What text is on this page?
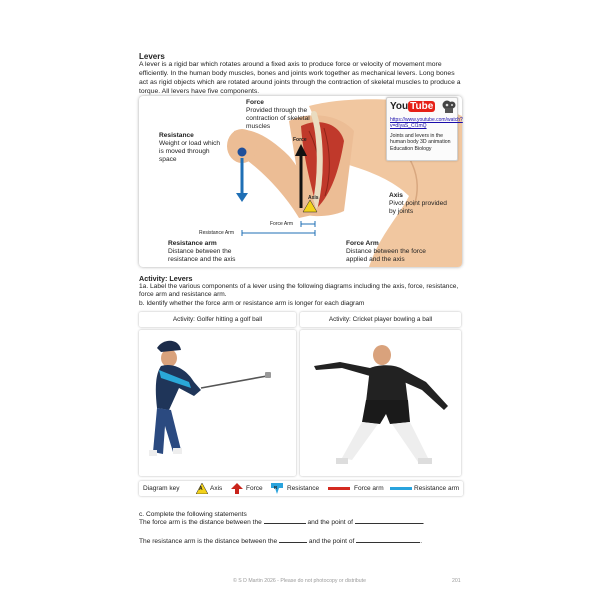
Levers
A lever is a rigid bar which rotates around a fixed axis to produce force or velocity of movement more efficiently. In the human body muscles, bones and joints work together as mechanical levers. Long bones act as rigid objects which are rotated around joints through the contraction of skeletal muscles to produce a torque. All levers have five components.
Force
Provided through the contraction of skeletal muscles
Resistance
Weight or load which is moved through space
Axis
Pivot point provided by joints
Resistance arm
Distance between the resistance and the axis
Force Arm
Distance between the force applied and the axis
Force
Axis
Force Arm
Resistance Arm
You Tube
https://www.youtube.com/watch?v=dIyaS_Cl1mQ
Joints and levers in the human body 3D animation Education Biology
Activity: Levers
1a. Label the various components of a lever using the following diagrams including the axis, force, resistance, force arm and resistance arm.
b. Identify whether the force arm or resistance arm is longer for each diagram
Activity: Golfer hitting a golf ball	Activity: Cricket player bowling a ball
Diagram key	A Axis	Force	R Resistance	Force arm	Resistance arm
c. Complete the following statements
The force arm is the distance between the	and the point of	.
The resistance arm is the distance between the	and the point of	.
© S D Martin 2026 - Please do not photocopy or distribute	201
